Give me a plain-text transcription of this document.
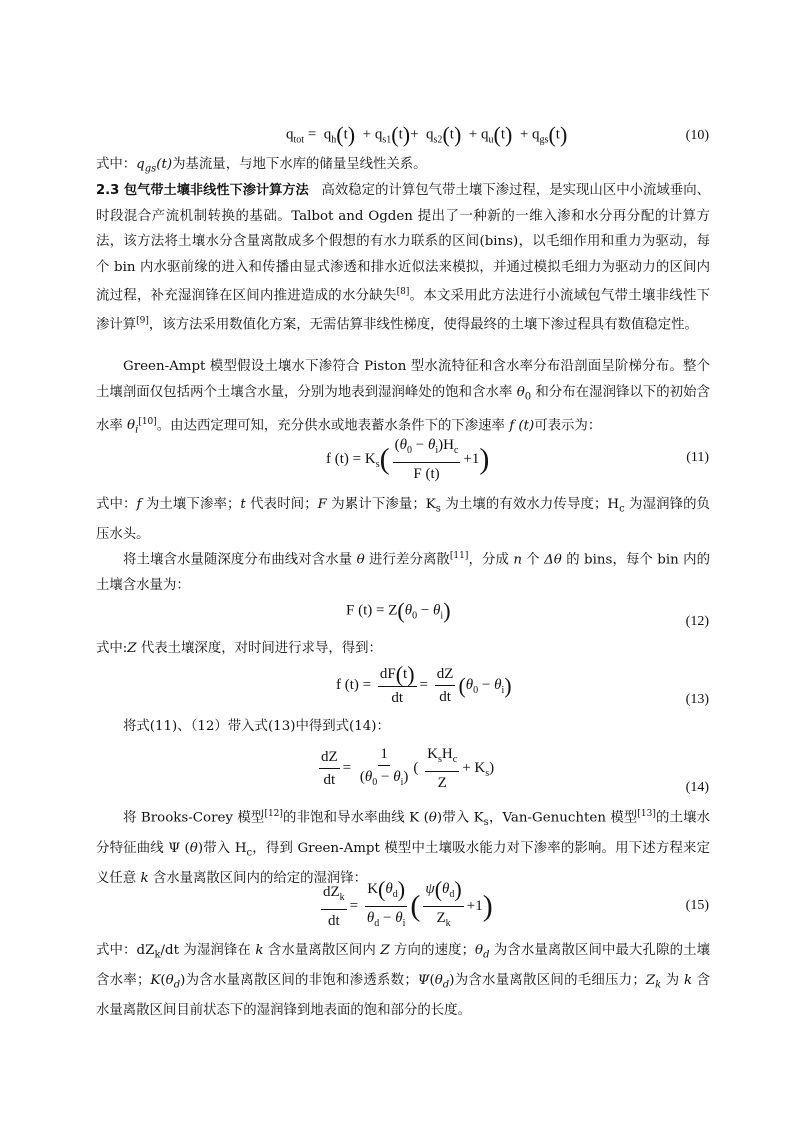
$q_{tot} = q_h(t) + q_{s1}(t)+ q_{s2}(t) + q_u(t) + q_{gs}(t)$	(10)
式中：$q_{gs}(t)$为基流量，与地下水库的储量呈线性关系。
2.3 包气带土壤非线性下渗计算方法   高效稳定的计算包气带土壤下渗过程，是实现山区中小流域垂向、时段混合产流机制转换的基础。Talbot and Ogden 提出了一种新的一维入渗和水分再分配的计算方法，该方法将土壤水分含量离散成多个假想的有水力联系的区间(bins)，以毛细作用和重力为驱动，每个 bin 内水驱前缘的进入和传播由显式渗透和排水近似法来模拟，并通过模拟毛细力为驱动力的区间内流过程，补充湿润锋在区间内推进造成的水分缺失[8]。本文采用此方法进行小流域包气带土壤非线性下渗计算[9]，该方法采用数值化方案，无需估算非线性梯度，使得最终的土壤下渗过程具有数值稳定性。
Green-Ampt 模型假设土壤水下渗符合 Piston 型水流特征和含水率分布沿剖面呈阶梯分布。整个土壤剖面仅包括两个土壤含水量，分别为地表到湿润峰处的饱和含水率 $\theta_0$ 和分布在湿润锋以下的初始含水率 $\theta_i[10]$。由达西定理可知，充分供水或地表蓄水条件下的下渗速率 f (t)可表示为：
f $(t) = K_s( \frac{(\theta_0 - \theta_i)H_c}{F (t)} +1)$	(11)
式中：f 为土壤下渗率；t 代表时间；F 为累计下渗量；$K_s$ 为土壤的有效水力传导度；$H_c$ 为湿润锋的负压水头。
将土壤含水量随深度分布曲线对含水量 θ 进行差分离散[11]，分成 n 个 Δθ 的 bins，每个 bin 内的土壤含水量为：
F $(t) = Z(\theta_0 - \theta_i)$	(12)
式中:Z 代表土壤深度，对时间进行求导，得到：
f $(t) = \frac{dF(t)}{dt} = \frac{dZ}{dt} (\theta_0 - \theta_i)$
(13)
将式(11)、（12）带入式(13)中得到式(14)：
$\frac{dZ}{dt} = \frac{1}{(\theta_0 - \theta_i)}$ ( $\frac{K_sH_c}{Z} + K_s$)
(14)
将 Brooks-Corey 模型[12]的非饱和导水率曲线 K (θ)带入 $K_s$，Van-Genuchten 模型[13]的土壤水分特征曲线 Ψ (θ)带入 $H_c$，得到 Green-Ampt 模型中土壤吸水能力对下渗率的影响。用下述方程来定义任意 k 含水量离散区间内的给定的湿润锋：
$\frac{dZ_k}{dt} = \frac{K(\theta_d)}{\theta_d - \theta_i}$ ( $\frac{\psi(\theta_d)}{Z_k} +1$)	(15)
式中：$dZ_k/dt$ 为湿润锋在 k 含水量离散区间内 Z 方向的速度；$\theta_d$ 为含水量离散区间中最大孔隙的土壤含水率；$K(\theta_d)$为含水量离散区间的非饱和渗透系数；$\Psi(\theta_d)$为含水量离散区间的毛细压力；$Z_k$ 为 k 含水量离散区间目前状态下的湿润锋到地表面的饱和部分的长度。
